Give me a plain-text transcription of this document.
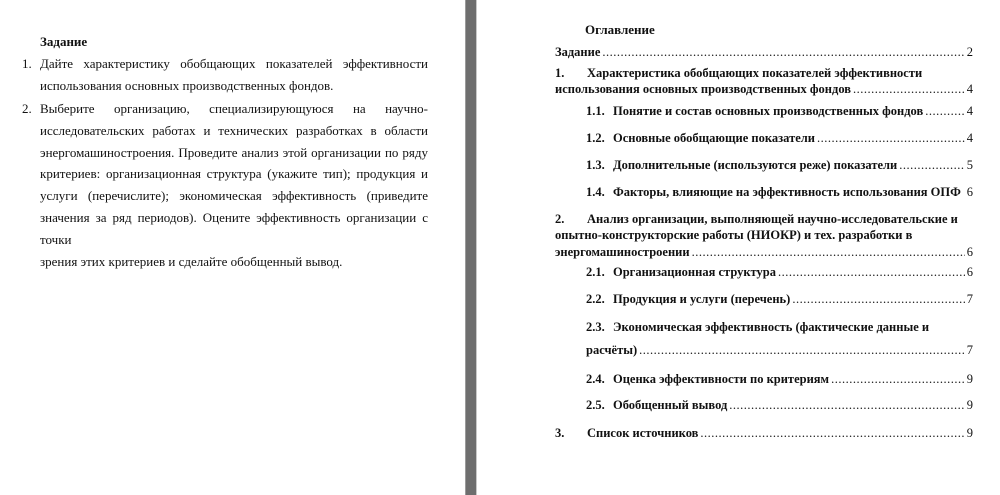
Задание
1. Дайте характеристику обобщающих показателей эффективности

использования основных производственных фондов.

2. Выберите организацию, специализирующуюся на научно-

исследовательских работах и технических разработках в области

энергомашиностроения. Проведите анализ этой организации по ряду

критериев: организационная структура (укажите тип); продукция и

услуги (перечислите); экономическая эффективность (приведите

значения за ряд периодов). Оцените эффективность организации с точки

зрения этих критериев и сделайте обобщенный вывод.

Оглавление
Задание .....	2
1. Характеристика обобщающих показателей эффективности
использования основных производственных фондов .....	4
1.1. Понятие и состав основных производственных фондов .....	4
1.2. Основные обобщающие показатели .....	4
1.3. Дополнительные (используются реже) показатели .....	5
1.4. Факторы, влияющие на эффективность использования ОПФ 6
2. Анализ организации, выполняющей научно-исследовательские и
опытно-конструкторские работы (НИОКР) и тех. разработки в
энергомашиностроении .....	6
2.1. Организационная структура .....	6
2.2. Продукция и услуги (перечень) .....	7
2.3. Экономическая эффективность (фактические данные и
расчёты) .....	7
2.4. Оценка эффективности по критериям .....	9
2.5. Обобщенный вывод .....	9
3.	Список источников .....	9
